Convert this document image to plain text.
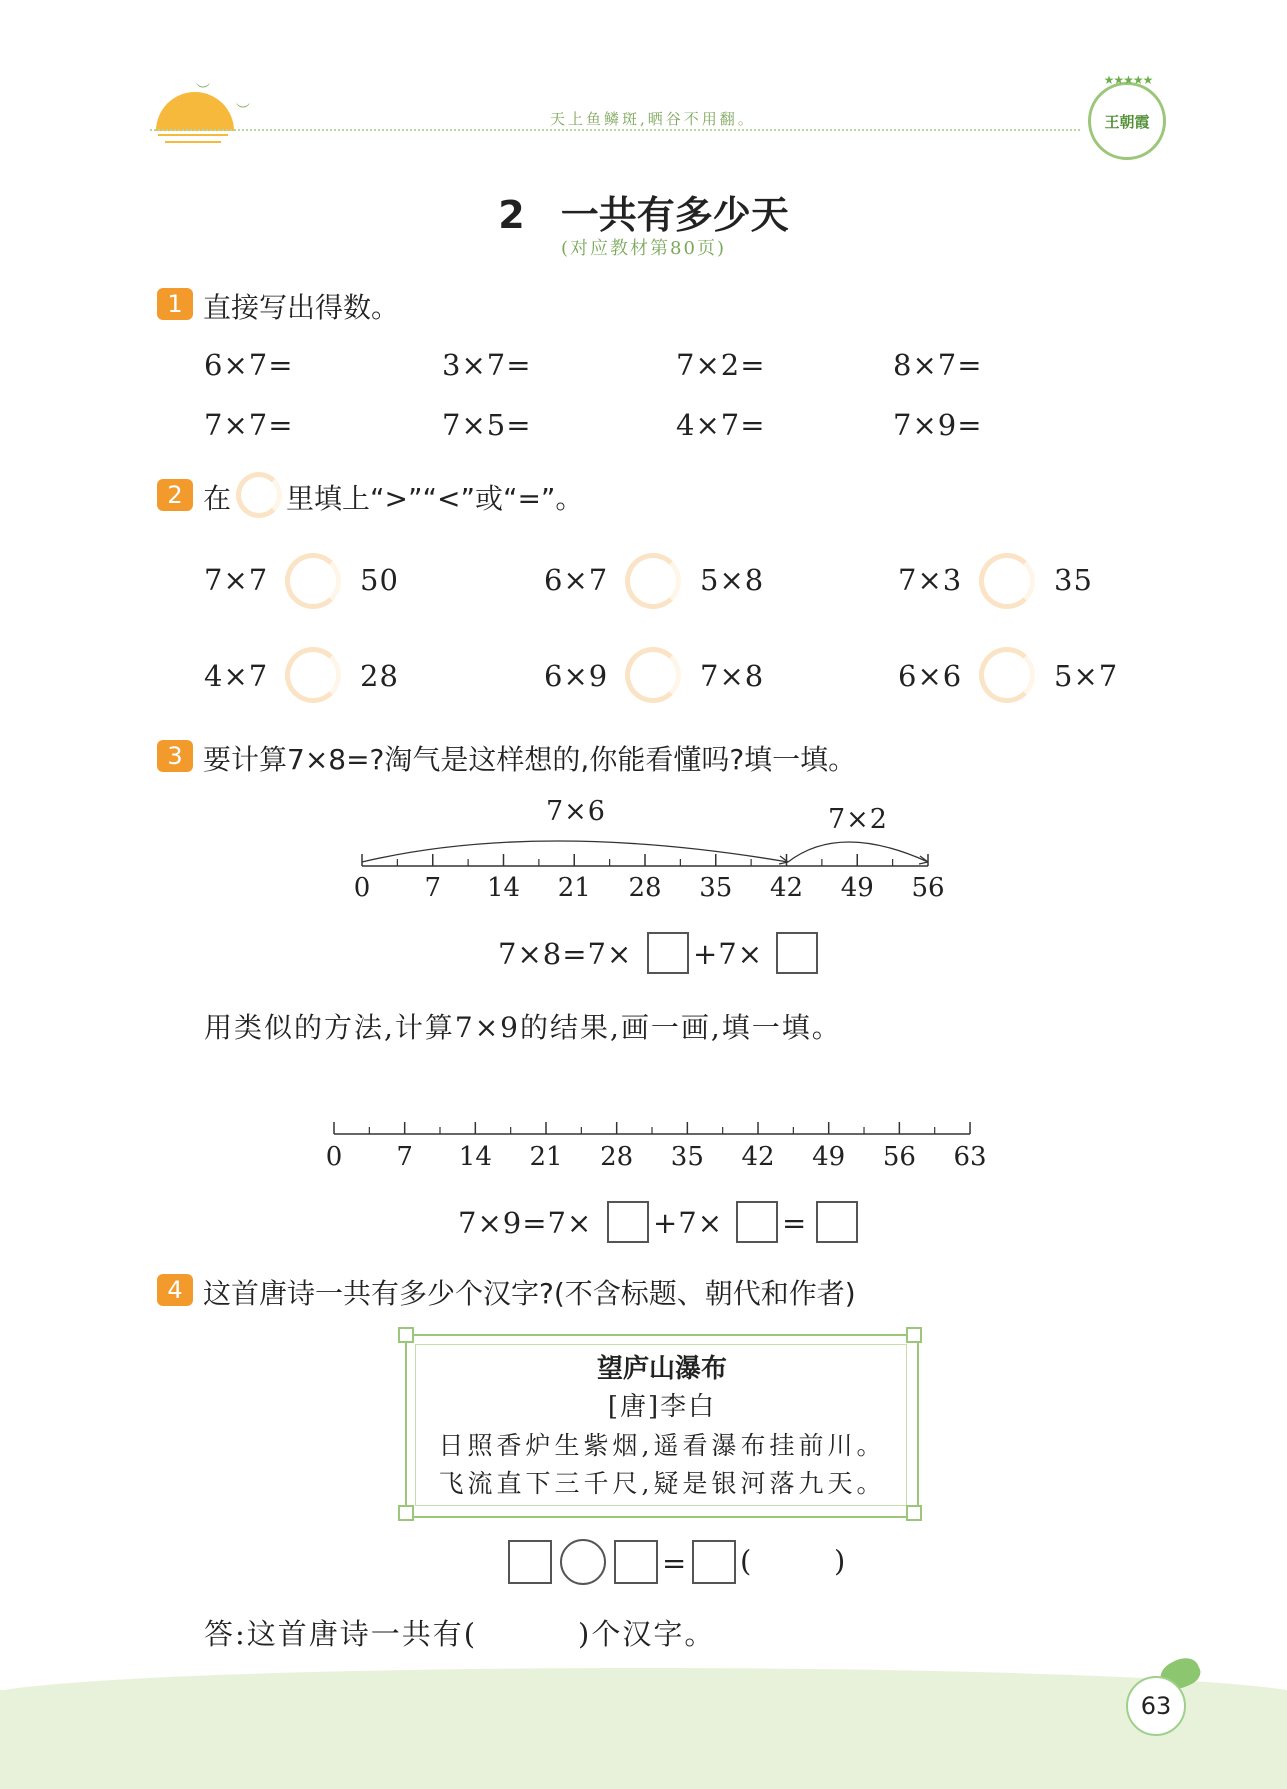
︶
︶	天上鱼鳞斑,晒谷不用翻。
★★★★★
王朝霞
2 一共有多少天
(对应教材第80页)
1 直接写出得数。
6×7=	3×7=	7×2=	8×7=
7×7=	7×5=	4×7=	7×9=
2 在 里填上“>”“<”或“=”。
7×7	50	6×7	5×8	7×3	35
4×7	28	6×9	7×8	6×6	5×7
3 要计算7×8=?淘气是这样想的,你能看懂吗?填一填。
7×6	7×2
0	7	14	21	28	35	42	49	56
7×8=7× +7×
用类似的方法,计算7×9的结果,画一画,填一填。
0	7	14	21	28	35	42	49	56	63
7×9=7× +7× =
4 这首唐诗一共有多少个汉字?(不含标题、朝代和作者)
望庐山瀑布
[唐]李白
日照香炉生紫烟,遥看瀑布挂前川。
飞流直下三千尺,疑是银河落九天。
= (        )
答:这首唐诗一共有(	)个汉字。
63
